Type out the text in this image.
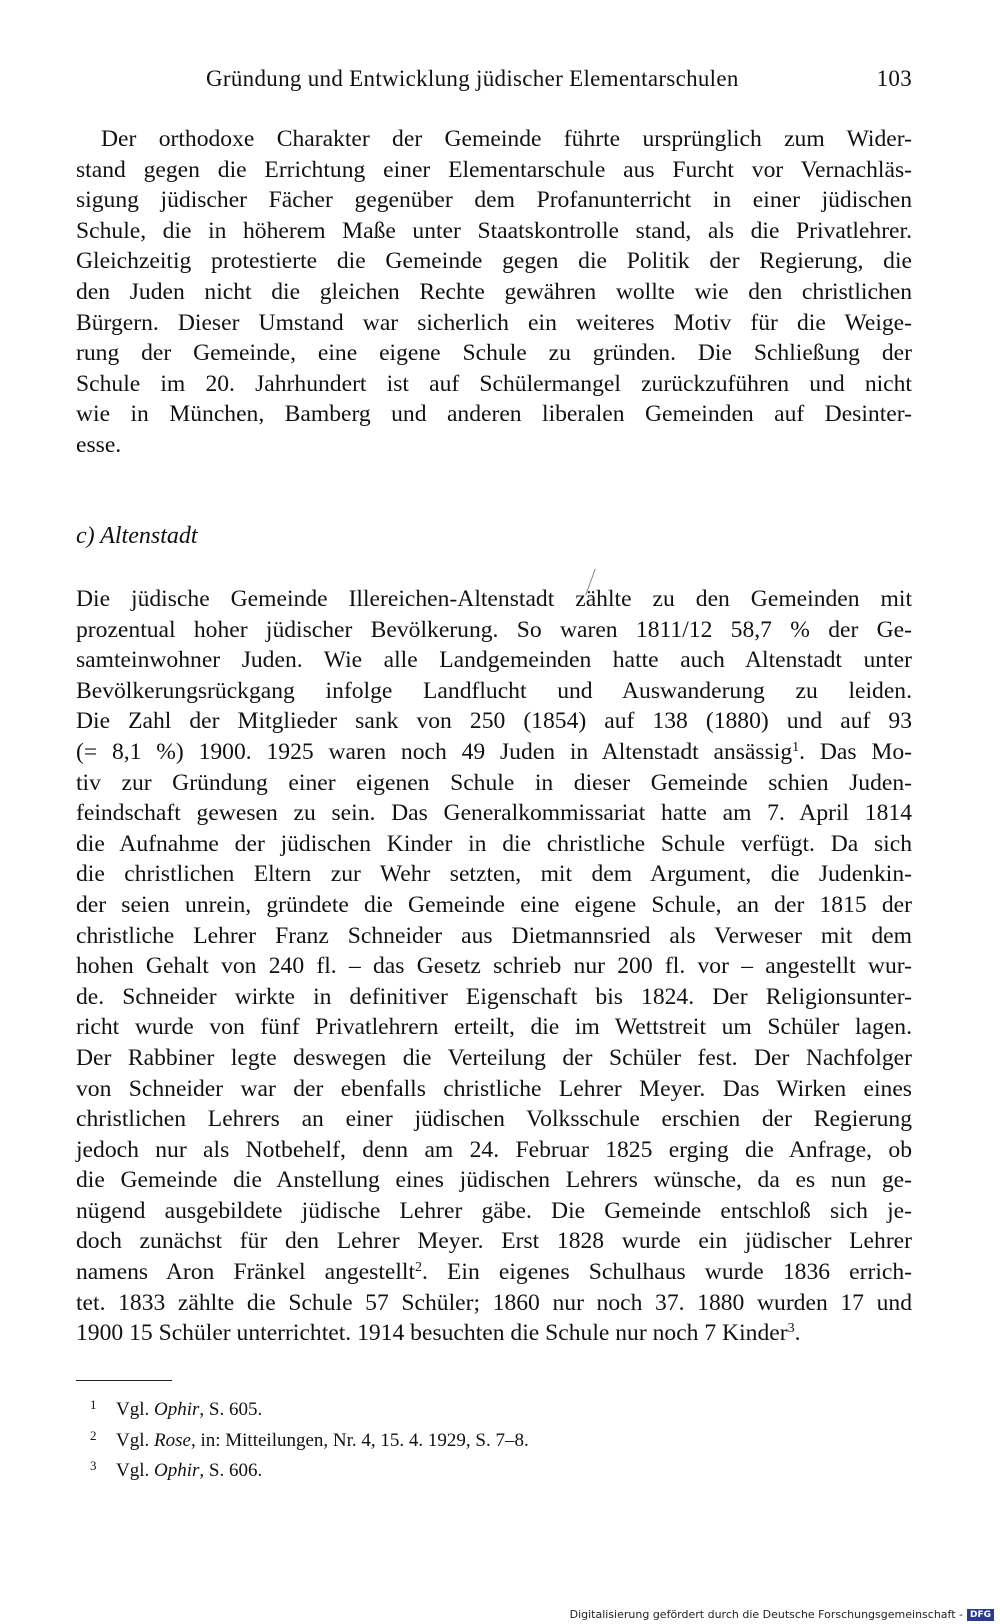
Gründung und Entwicklung jüdischer Elementarschulen	103
Der orthodoxe Charakter der Gemeinde führte ursprünglich zum Wider-
stand gegen die Errichtung einer Elementarschule aus Furcht vor Vernachläs-
sigung jüdischer Fächer gegenüber dem Profanunterricht in einer jüdischen
Schule, die in höherem Maße unter Staatskontrolle stand, als die Privatlehrer.
Gleichzeitig protestierte die Gemeinde gegen die Politik der Regierung, die
den Juden nicht die gleichen Rechte gewähren wollte wie den christlichen
Bürgern. Dieser Umstand war sicherlich ein weiteres Motiv für die Weige-
rung der Gemeinde, eine eigene Schule zu gründen. Die Schließung der
Schule im 20. Jahrhundert ist auf Schülermangel zurückzuführen und nicht
wie in München, Bamberg und anderen liberalen Gemeinden auf Desinter-
esse.
c) Altenstadt
Die jüdische Gemeinde Illereichen-Altenstadt zählte zu den Gemeinden mit
prozentual hoher jüdischer Bevölkerung. So waren 1811/12 58,7 % der Ge-
samteinwohner Juden. Wie alle Landgemeinden hatte auch Altenstadt unter
Bevölkerungsrückgang infolge Landflucht und Auswanderung zu leiden.
Die Zahl der Mitglieder sank von 250 (1854) auf 138 (1880) und auf 93
(= 8,1 %) 1900. 1925 waren noch 49 Juden in Altenstadt ansässig$^1$. Das Mo-
tiv zur Gründung einer eigenen Schule in dieser Gemeinde schien Juden-
feindschaft gewesen zu sein. Das Generalkommissariat hatte am 7. April 1814
die Aufnahme der jüdischen Kinder in die christliche Schule verfügt. Da sich
die christlichen Eltern zur Wehr setzten, mit dem Argument, die Judenkin-
der seien unrein, gründete die Gemeinde eine eigene Schule, an der 1815 der
christliche Lehrer Franz Schneider aus Dietmannsried als Verweser mit dem
hohen Gehalt von 240 fl. – das Gesetz schrieb nur 200 fl. vor – angestellt wur-
de. Schneider wirkte in definitiver Eigenschaft bis 1824. Der Religionsunter-
richt wurde von fünf Privatlehrern erteilt, die im Wettstreit um Schüler lagen.
Der Rabbiner legte deswegen die Verteilung der Schüler fest. Der Nachfolger
von Schneider war der ebenfalls christliche Lehrer Meyer. Das Wirken eines
christlichen Lehrers an einer jüdischen Volksschule erschien der Regierung
jedoch nur als Notbehelf, denn am 24. Februar 1825 erging die Anfrage, ob
die Gemeinde die Anstellung eines jüdischen Lehrers wünsche, da es nun ge-
nügend ausgebildete jüdische Lehrer gäbe. Die Gemeinde entschloß sich je-
doch zunächst für den Lehrer Meyer. Erst 1828 wurde ein jüdischer Lehrer
namens Aron Fränkel angestellt$^2$. Ein eigenes Schulhaus wurde 1836 errich-
tet. 1833 zählte die Schule 57 Schüler; 1860 nur noch 37. 1880 wurden 17 und
1900 15 Schüler unterrichtet. 1914 besuchten die Schule nur noch 7 Kinder$^3$.
1 Vgl. Ophir, S. 605.
2 Vgl. Rose, in: Mitteilungen, Nr. 4, 15. 4. 1929, S. 7–8.
3 Vgl. Ophir, S. 606.
Digitalisierung gefördert durch die Deutsche Forschungsgemeinschaft - DFG
